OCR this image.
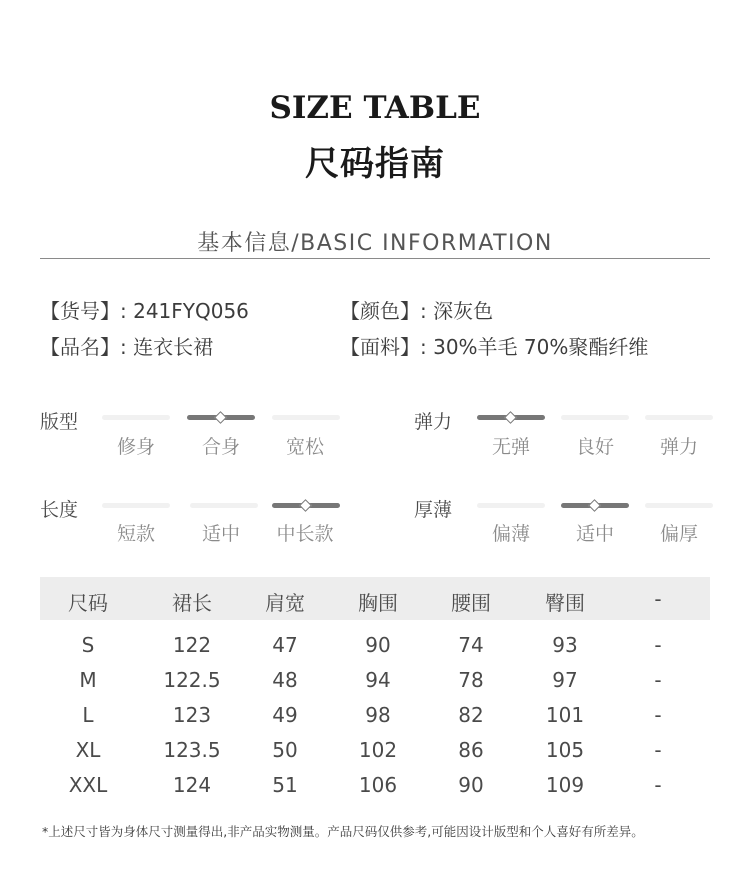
SIZE TABLE
尺码指南
基本信息/BASIC INFORMATION
【货号】: 241FYQ056	【颜色】: 深灰色
【品名】: 连衣长裙	【面料】: 30%羊毛 70%聚酯纤维
版型
修身	合身	宽松
弹力
无弹	良好	弹力
长度
短款	适中	中长款
厚薄
偏薄	适中	偏厚
尺码	裙长	肩宽	胸围	腰围	臀围	-
S	122	47	90	74	93	-
M	122.5	48	94	78	97	-
L	123	49	98	82	101	-
XL	123.5	50	102	86	105	-
XXL	124	51	106	90	109	-
*上述尺寸皆为身体尺寸测量得出,非产品实物测量。产品尺码仅供参考,可能因设计版型和个人喜好有所差异。
